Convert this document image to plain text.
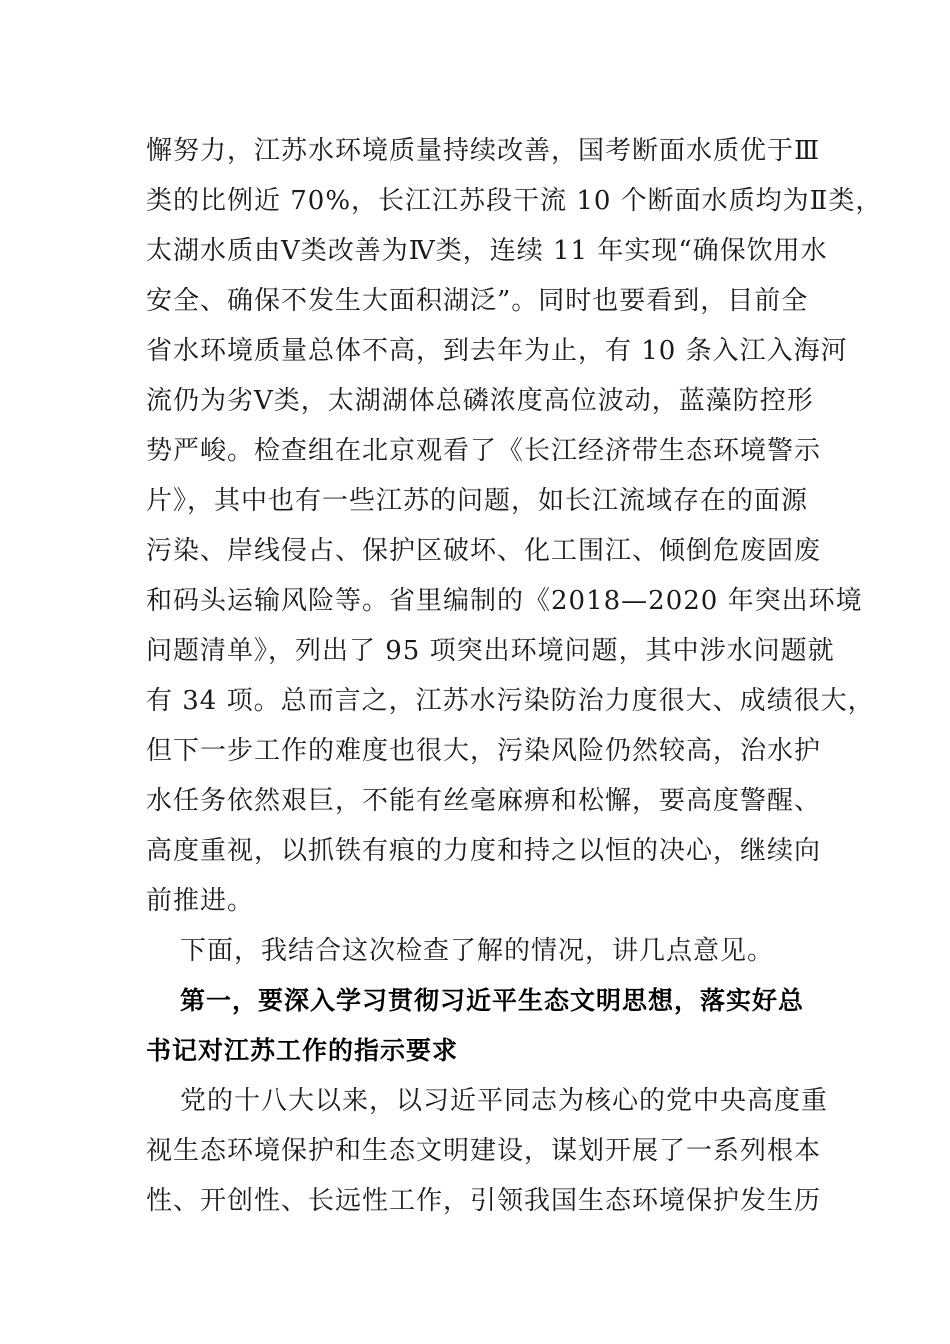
懈努力，江苏水环境质量持续改善，国考断面水质优于Ⅲ
类的比例近 70%，长江江苏段干流 10 个断面水质均为Ⅱ类，
太湖水质由Ⅴ类改善为Ⅳ类，连续 11 年实现“确保饮用水
安全、确保不发生大面积湖泛”。同时也要看到，目前全
省水环境质量总体不高，到去年为止，有 10 条入江入海河
流仍为劣Ⅴ类，太湖湖体总磷浓度高位波动，蓝藻防控形
势严峻。检查组在北京观看了《长江经济带生态环境警示
片》，其中也有一些江苏的问题，如长江流域存在的面源
污染、岸线侵占、保护区破坏、化工围江、倾倒危废固废
和码头运输风险等。省里编制的《2018—2020 年突出环境
问题清单》，列出了 95 项突出环境问题，其中涉水问题就
有 34 项。总而言之，江苏水污染防治力度很大、成绩很大，
但下一步工作的难度也很大，污染风险仍然较高，治水护
水任务依然艰巨，不能有丝毫麻痹和松懈，要高度警醒、
高度重视，以抓铁有痕的力度和持之以恒的决心，继续向
前推进。
下面，我结合这次检查了解的情况，讲几点意见。
第一，要深入学习贯彻习近平生态文明思想，落实好总
书记对江苏工作的指示要求
党的十八大以来，以习近平同志为核心的党中央高度重
视生态环境保护和生态文明建设，谋划开展了一系列根本
性、开创性、长远性工作，引领我国生态环境保护发生历
